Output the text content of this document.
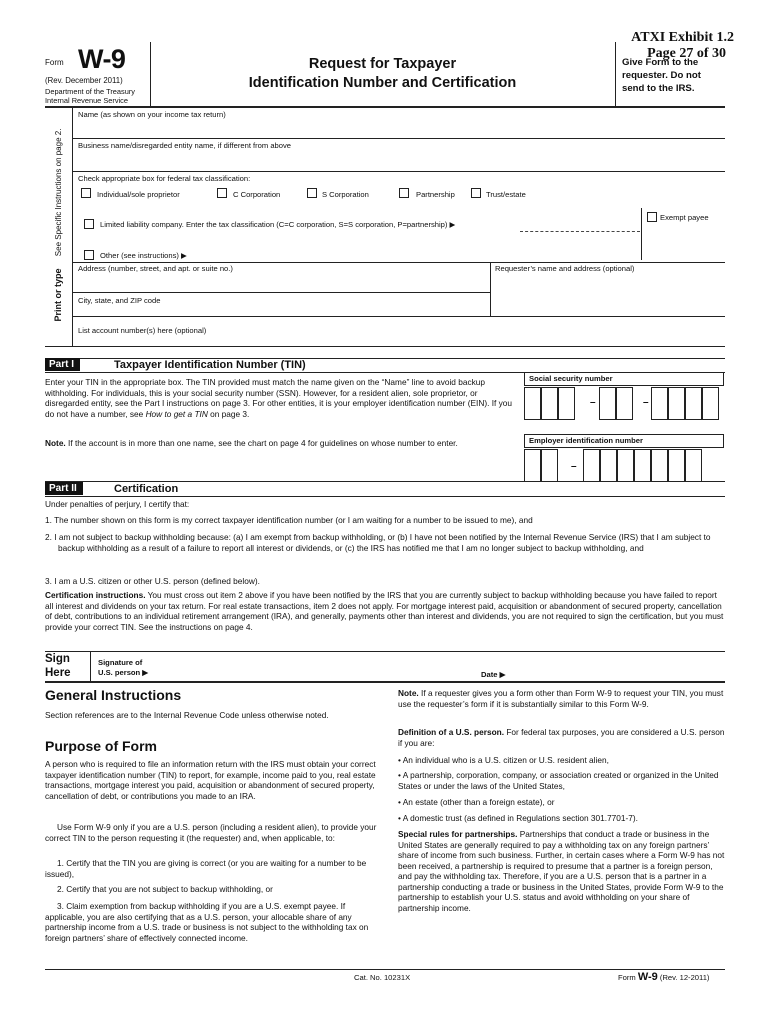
ATXI Exhibit 1.2
Page 27 of 30
Form W-9
(Rev. December 2011)
Department of the Treasury
Internal Revenue Service
Request for Taxpayer
Identification Number and Certification
Give Form to the
requester. Do not
send to the IRS.
Print or type See Specific Instructions on page 2.
Name (as shown on your income tax return)
Business name/disregarded entity name, if different from above
Check appropriate box for federal tax classification:
Individual/sole proprietor	C Corporation	S Corporation	Partnership	Trust/estate
Limited liability company. Enter the tax classification (C=C corporation, S=S corporation, P=partnership) ▶
Exempt payee
Other (see instructions) ▶
Address (number, street, and apt. or suite no.)	Requester’s name and address (optional)
City, state, and ZIP code
List account number(s) here (optional)
Part I	Taxpayer Identification Number (TIN)
Enter your TIN in the appropriate box. The TIN provided must match the name given on the “Name” line to avoid backup withholding. For individuals, this is your social security number (SSN). However, for a resident alien, sole proprietor, or disregarded entity, see the Part I instructions on page 3. For other entities, it is your employer identification number (EIN). If you do not have a number, see How to get a TIN on page 3.
Note. If the account is in more than one name, see the chart on page 4 for guidelines on whose number to enter.
Social security number
–	–
Employer identification number
–
Part II	Certification
Under penalties of perjury, I certify that:
1. The number shown on this form is my correct taxpayer identification number (or I am waiting for a number to be issued to me), and
2. I am not subject to backup withholding because: (a) I am exempt from backup withholding, or (b) I have not been notified by the Internal Revenue Service (IRS) that I am subject to backup withholding as a result of a failure to report all interest or dividends, or (c) the IRS has notified me that I am no longer subject to backup withholding, and
3. I am a U.S. citizen or other U.S. person (defined below).
Certification instructions. You must cross out item 2 above if you have been notified by the IRS that you are currently subject to backup withholding because you have failed to report all interest and dividends on your tax return. For real estate transactions, item 2 does not apply. For mortgage interest paid, acquisition or abandonment of secured property, cancellation of debt, contributions to an individual retirement arrangement (IRA), and generally, payments other than interest and dividends, you are not required to sign the certification, but you must provide your correct TIN. See the instructions on page 4.
Sign
Here
Signature of
U.S. person ▶	Date ▶
General Instructions
Section references are to the Internal Revenue Code unless otherwise noted.
Purpose of Form
A person who is required to file an information return with the IRS must obtain your correct taxpayer identification number (TIN) to report, for example, income paid to you, real estate transactions, mortgage interest you paid, acquisition or abandonment of secured property, cancellation of debt, or contributions you made to an IRA.
Use Form W-9 only if you are a U.S. person (including a resident alien), to provide your correct TIN to the person requesting it (the requester) and, when applicable, to:
1. Certify that the TIN you are giving is correct (or you are waiting for a number to be issued),
2. Certify that you are not subject to backup withholding, or
3. Claim exemption from backup withholding if you are a U.S. exempt payee. If applicable, you are also certifying that as a U.S. person, your allocable share of any partnership income from a U.S. trade or business is not subject to the withholding tax on foreign partners’ share of effectively connected income.
Note. If a requester gives you a form other than Form W-9 to request your TIN, you must use the requester’s form if it is substantially similar to this Form W-9.
Definition of a U.S. person. For federal tax purposes, you are considered a U.S. person if you are:
• An individual who is a U.S. citizen or U.S. resident alien,
• A partnership, corporation, company, or association created or organized in the United States or under the laws of the United States,
• An estate (other than a foreign estate), or
• A domestic trust (as defined in Regulations section 301.7701-7).
Special rules for partnerships. Partnerships that conduct a trade or business in the United States are generally required to pay a withholding tax on any foreign partners’ share of income from such business. Further, in certain cases where a Form W-9 has not been received, a partnership is required to presume that a partner is a foreign person, and pay the withholding tax. Therefore, if you are a U.S. person that is a partner in a partnership conducting a trade or business in the United States, provide Form W-9 to the partnership to establish your U.S. status and avoid withholding on your share of partnership income.
Cat. No. 10231X	Form W-9 (Rev. 12-2011)
